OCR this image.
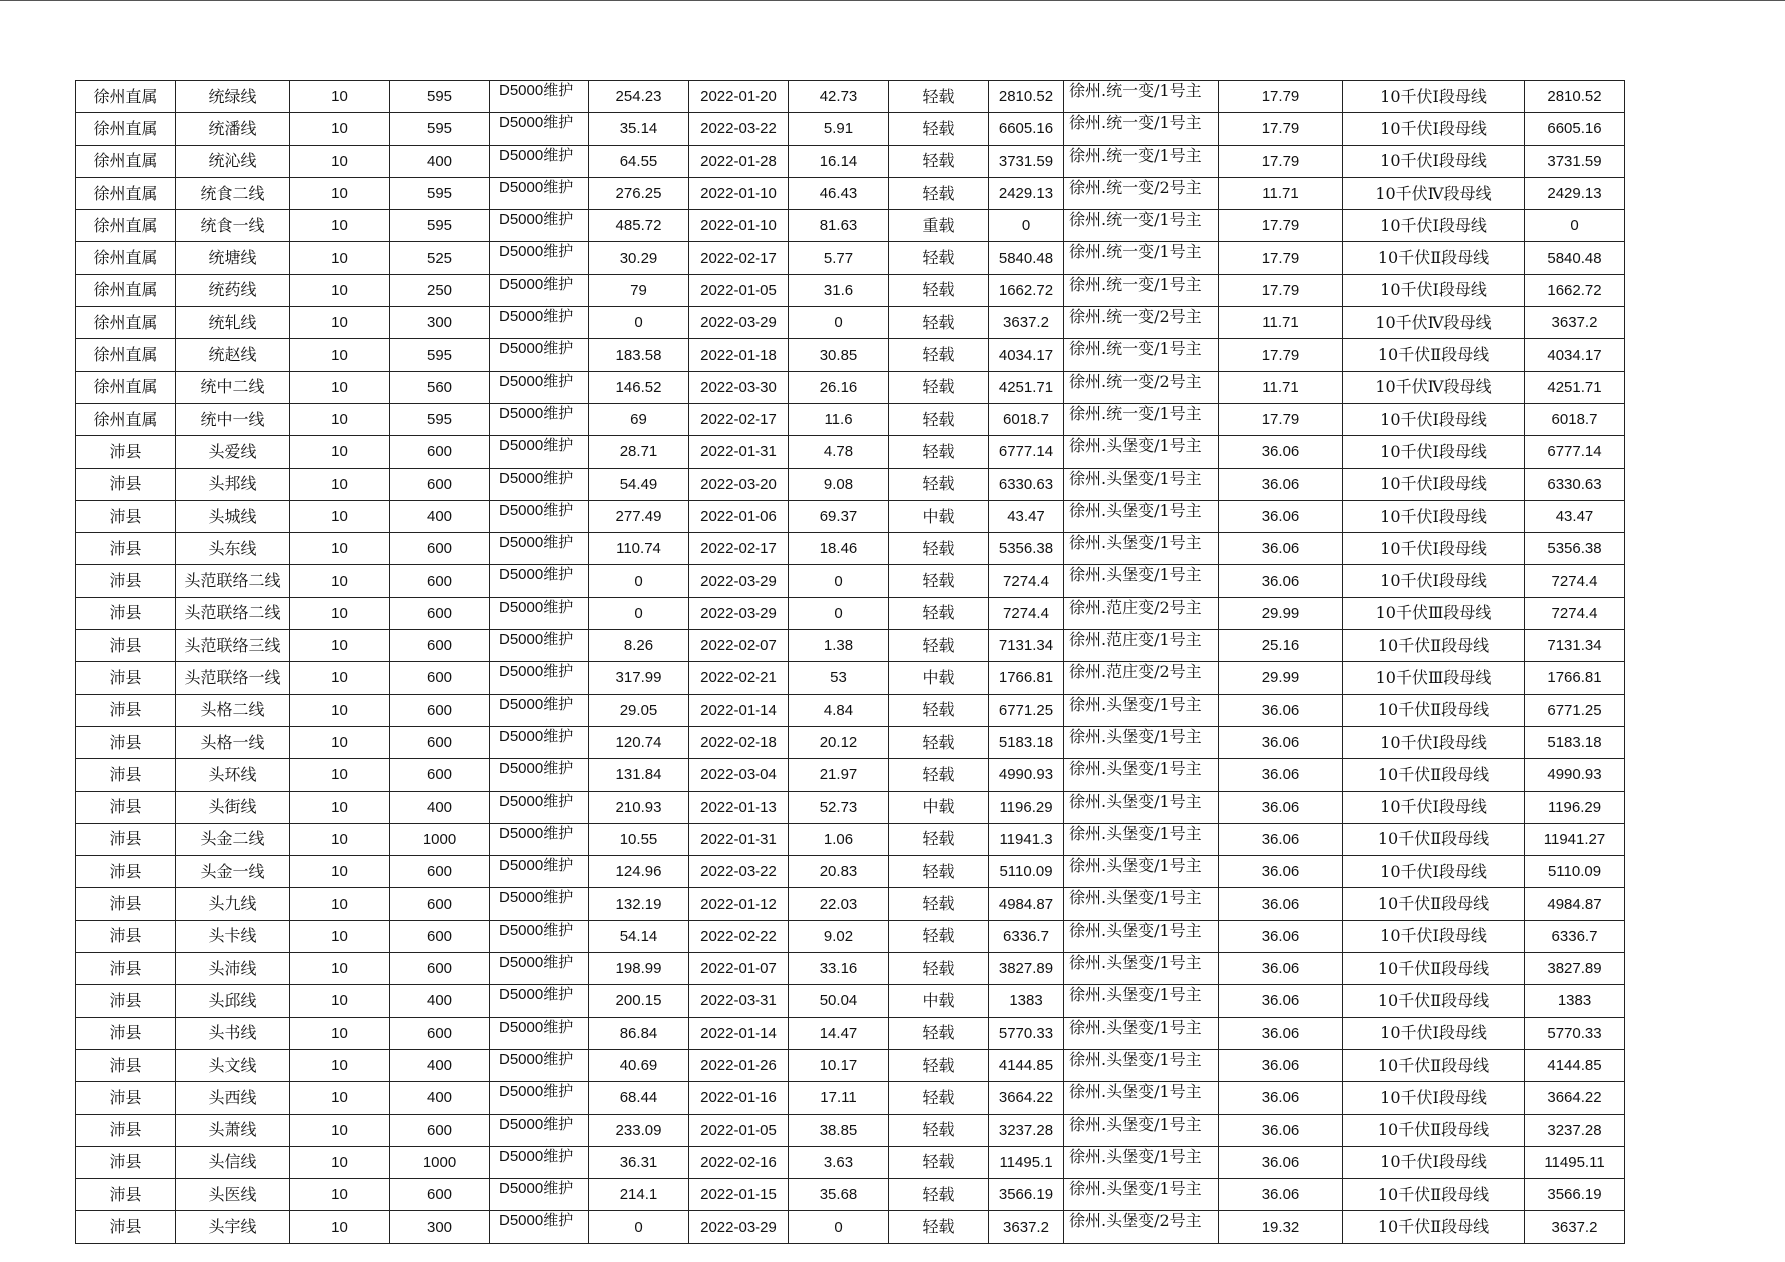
徐州直属	统绿线	10	595	D5000维护	254.23	2022-01-20	42.73	轻载	2810.52	徐州.统一变/1号主	17.79	10千伏Ⅰ段母线	2810.52
徐州直属	统潘线	10	595	D5000维护	35.14	2022-03-22	5.91	轻载	6605.16	徐州.统一变/1号主	17.79	10千伏Ⅰ段母线	6605.16
徐州直属	统沁线	10	400	D5000维护	64.55	2022-01-28	16.14	轻载	3731.59	徐州.统一变/1号主	17.79	10千伏Ⅰ段母线	3731.59
徐州直属	统食二线	10	595	D5000维护	276.25	2022-01-10	46.43	轻载	2429.13	徐州.统一变/2号主	11.71	10千伏Ⅳ段母线	2429.13
徐州直属	统食一线	10	595	D5000维护	485.72	2022-01-10	81.63	重载	0	徐州.统一变/1号主	17.79	10千伏Ⅰ段母线	0
徐州直属	统塘线	10	525	D5000维护	30.29	2022-02-17	5.77	轻载	5840.48	徐州.统一变/1号主	17.79	10千伏Ⅱ段母线	5840.48
徐州直属	统药线	10	250	D5000维护	79	2022-01-05	31.6	轻载	1662.72	徐州.统一变/1号主	17.79	10千伏Ⅰ段母线	1662.72
徐州直属	统轧线	10	300	D5000维护	0	2022-03-29	0	轻载	3637.2	徐州.统一变/2号主	11.71	10千伏Ⅳ段母线	3637.2
徐州直属	统赵线	10	595	D5000维护	183.58	2022-01-18	30.85	轻载	4034.17	徐州.统一变/1号主	17.79	10千伏Ⅱ段母线	4034.17
徐州直属	统中二线	10	560	D5000维护	146.52	2022-03-30	26.16	轻载	4251.71	徐州.统一变/2号主	11.71	10千伏Ⅳ段母线	4251.71
徐州直属	统中一线	10	595	D5000维护	69	2022-02-17	11.6	轻载	6018.7	徐州.统一变/1号主	17.79	10千伏Ⅰ段母线	6018.7
沛县	头爱线	10	600	D5000维护	28.71	2022-01-31	4.78	轻载	6777.14	徐州.头堡变/1号主	36.06	10千伏Ⅰ段母线	6777.14
沛县	头邦线	10	600	D5000维护	54.49	2022-03-20	9.08	轻载	6330.63	徐州.头堡变/1号主	36.06	10千伏Ⅰ段母线	6330.63
沛县	头城线	10	400	D5000维护	277.49	2022-01-06	69.37	中载	43.47	徐州.头堡变/1号主	36.06	10千伏Ⅰ段母线	43.47
沛县	头东线	10	600	D5000维护	110.74	2022-02-17	18.46	轻载	5356.38	徐州.头堡变/1号主	36.06	10千伏Ⅰ段母线	5356.38
沛县	头范联络二线	10	600	D5000维护	0	2022-03-29	0	轻载	7274.4	徐州.头堡变/1号主	36.06	10千伏Ⅰ段母线	7274.4
沛县	头范联络二线	10	600	D5000维护	0	2022-03-29	0	轻载	7274.4	徐州.范庄变/2号主	29.99	10千伏Ⅲ段母线	7274.4
沛县	头范联络三线	10	600	D5000维护	8.26	2022-02-07	1.38	轻载	7131.34	徐州.范庄变/1号主	25.16	10千伏Ⅱ段母线	7131.34
沛县	头范联络一线	10	600	D5000维护	317.99	2022-02-21	53	中载	1766.81	徐州.范庄变/2号主	29.99	10千伏Ⅲ段母线	1766.81
沛县	头格二线	10	600	D5000维护	29.05	2022-01-14	4.84	轻载	6771.25	徐州.头堡变/1号主	36.06	10千伏Ⅱ段母线	6771.25
沛县	头格一线	10	600	D5000维护	120.74	2022-02-18	20.12	轻载	5183.18	徐州.头堡变/1号主	36.06	10千伏Ⅰ段母线	5183.18
沛县	头环线	10	600	D5000维护	131.84	2022-03-04	21.97	轻载	4990.93	徐州.头堡变/1号主	36.06	10千伏Ⅱ段母线	4990.93
沛县	头街线	10	400	D5000维护	210.93	2022-01-13	52.73	中载	1196.29	徐州.头堡变/1号主	36.06	10千伏Ⅰ段母线	1196.29
沛县	头金二线	10	1000	D5000维护	10.55	2022-01-31	1.06	轻载	11941.3	徐州.头堡变/1号主	36.06	10千伏Ⅱ段母线	11941.27
沛县	头金一线	10	600	D5000维护	124.96	2022-03-22	20.83	轻载	5110.09	徐州.头堡变/1号主	36.06	10千伏Ⅰ段母线	5110.09
沛县	头九线	10	600	D5000维护	132.19	2022-01-12	22.03	轻载	4984.87	徐州.头堡变/1号主	36.06	10千伏Ⅱ段母线	4984.87
沛县	头卡线	10	600	D5000维护	54.14	2022-02-22	9.02	轻载	6336.7	徐州.头堡变/1号主	36.06	10千伏Ⅰ段母线	6336.7
沛县	头沛线	10	600	D5000维护	198.99	2022-01-07	33.16	轻载	3827.89	徐州.头堡变/1号主	36.06	10千伏Ⅱ段母线	3827.89
沛县	头邱线	10	400	D5000维护	200.15	2022-03-31	50.04	中载	1383	徐州.头堡变/1号主	36.06	10千伏Ⅱ段母线	1383
沛县	头书线	10	600	D5000维护	86.84	2022-01-14	14.47	轻载	5770.33	徐州.头堡变/1号主	36.06	10千伏Ⅰ段母线	5770.33
沛县	头文线	10	400	D5000维护	40.69	2022-01-26	10.17	轻载	4144.85	徐州.头堡变/1号主	36.06	10千伏Ⅱ段母线	4144.85
沛县	头西线	10	400	D5000维护	68.44	2022-01-16	17.11	轻载	3664.22	徐州.头堡变/1号主	36.06	10千伏Ⅰ段母线	3664.22
沛县	头萧线	10	600	D5000维护	233.09	2022-01-05	38.85	轻载	3237.28	徐州.头堡变/1号主	36.06	10千伏Ⅱ段母线	3237.28
沛县	头信线	10	1000	D5000维护	36.31	2022-02-16	3.63	轻载	11495.1	徐州.头堡变/1号主	36.06	10千伏Ⅰ段母线	11495.11
沛县	头医线	10	600	D5000维护	214.1	2022-01-15	35.68	轻载	3566.19	徐州.头堡变/1号主	36.06	10千伏Ⅱ段母线	3566.19
沛县	头宇线	10	300	D5000维护	0	2022-03-29	0	轻载	3637.2	徐州.头堡变/2号主	19.32	10千伏Ⅱ段母线	3637.2
